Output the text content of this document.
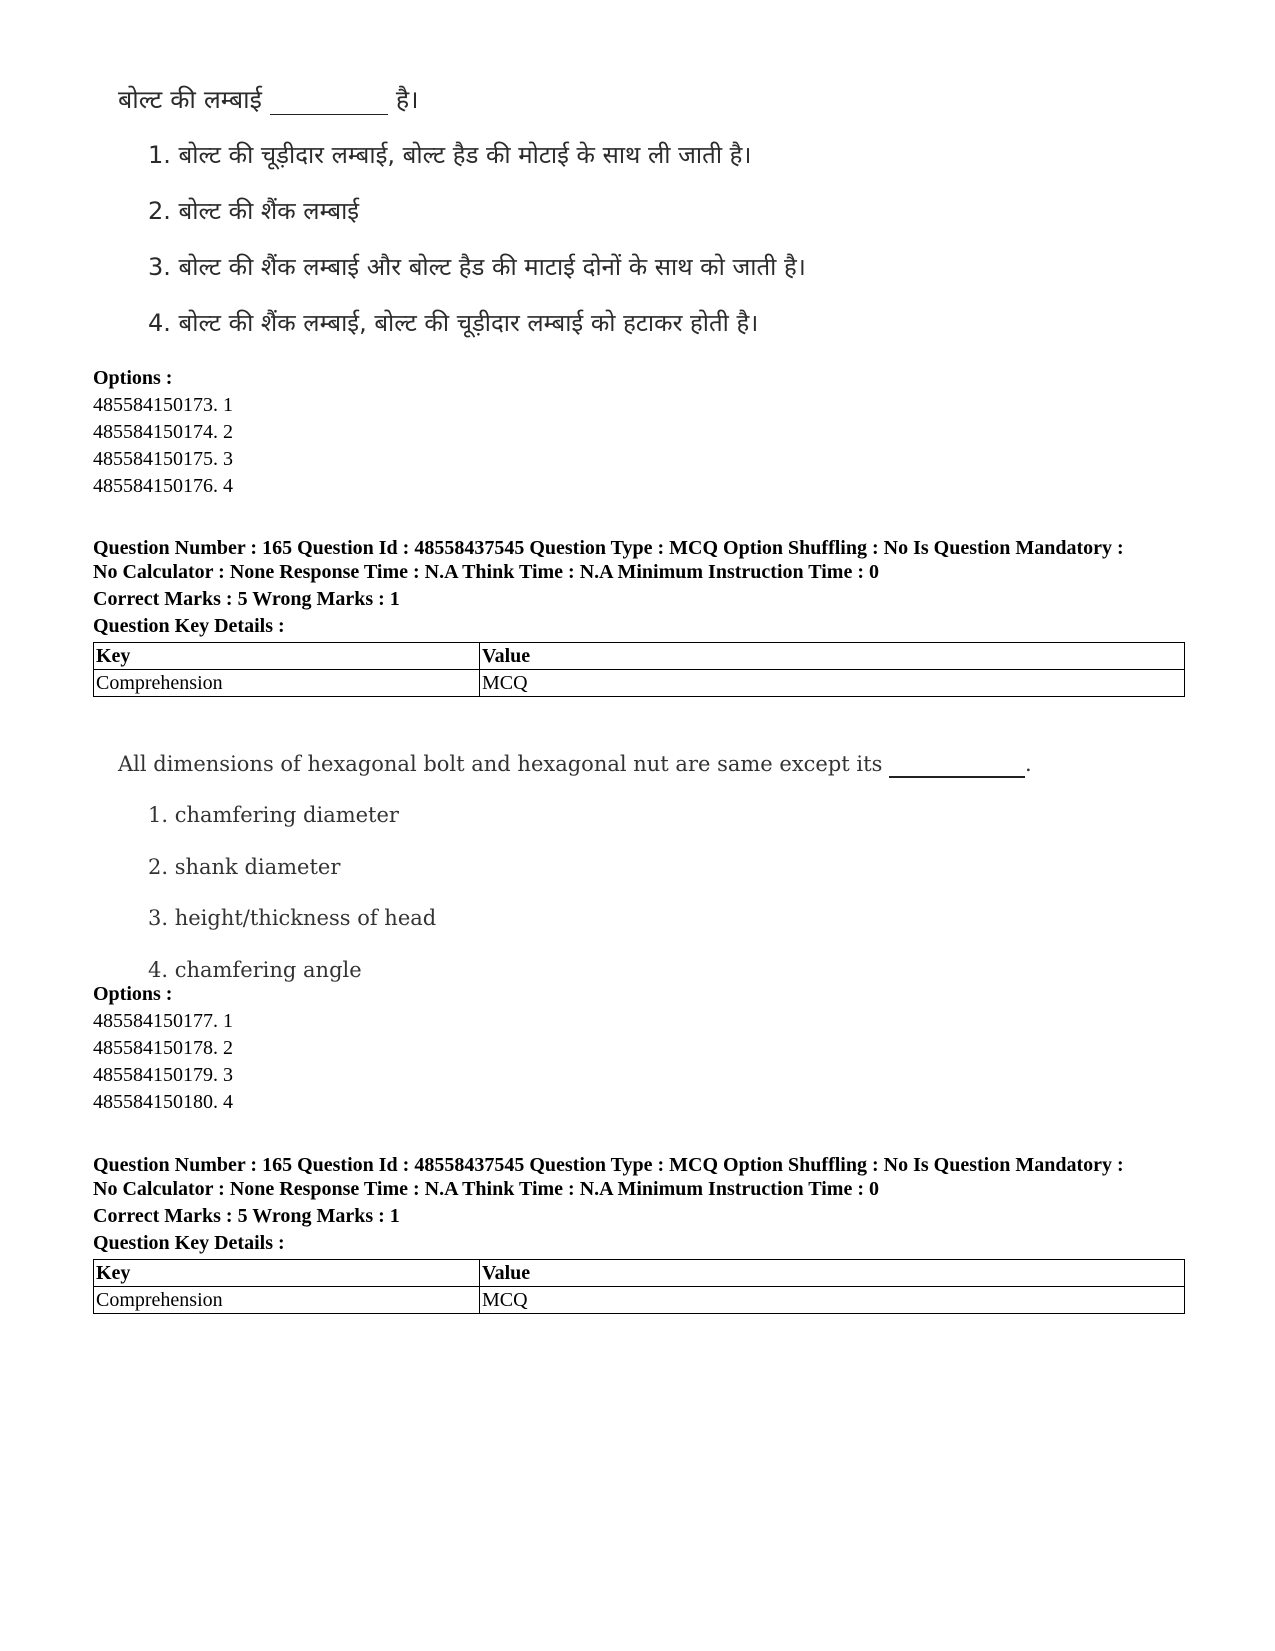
बोल्ट की लम्बाई	है।
1. बोल्ट की चूड़ीदार लम्बाई, बोल्ट हैड की मोटाई के साथ ली जाती है।
2. बोल्ट की शैंक लम्बाई
3. बोल्ट की शैंक लम्बाई और बोल्ट हैड की माटाई दोनों के साथ को जाती है।
4. बोल्ट की शैंक लम्बाई, बोल्ट की चूड़ीदार लम्बाई को हटाकर होती है।
Options :
485584150173. 1
485584150174. 2
485584150175. 3
485584150176. 4
Question Number : 165 Question Id : 48558437545 Question Type : MCQ Option Shuffling : No Is Question Mandatory :
No Calculator : None Response Time : N.A Think Time : N.A Minimum Instruction Time : 0
Correct Marks : 5 Wrong Marks : 1
Question Key Details :
Key	Value
Comprehension	MCQ
All dimensions of hexagonal bolt and hexagonal nut are same except its	.
1. chamfering diameter
2. shank diameter
3. height/thickness of head
4. chamfering angle
Options :
485584150177. 1
485584150178. 2
485584150179. 3
485584150180. 4
Question Number : 165 Question Id : 48558437545 Question Type : MCQ Option Shuffling : No Is Question Mandatory :
No Calculator : None Response Time : N.A Think Time : N.A Minimum Instruction Time : 0
Correct Marks : 5 Wrong Marks : 1
Question Key Details :
Key	Value
Comprehension	MCQ
